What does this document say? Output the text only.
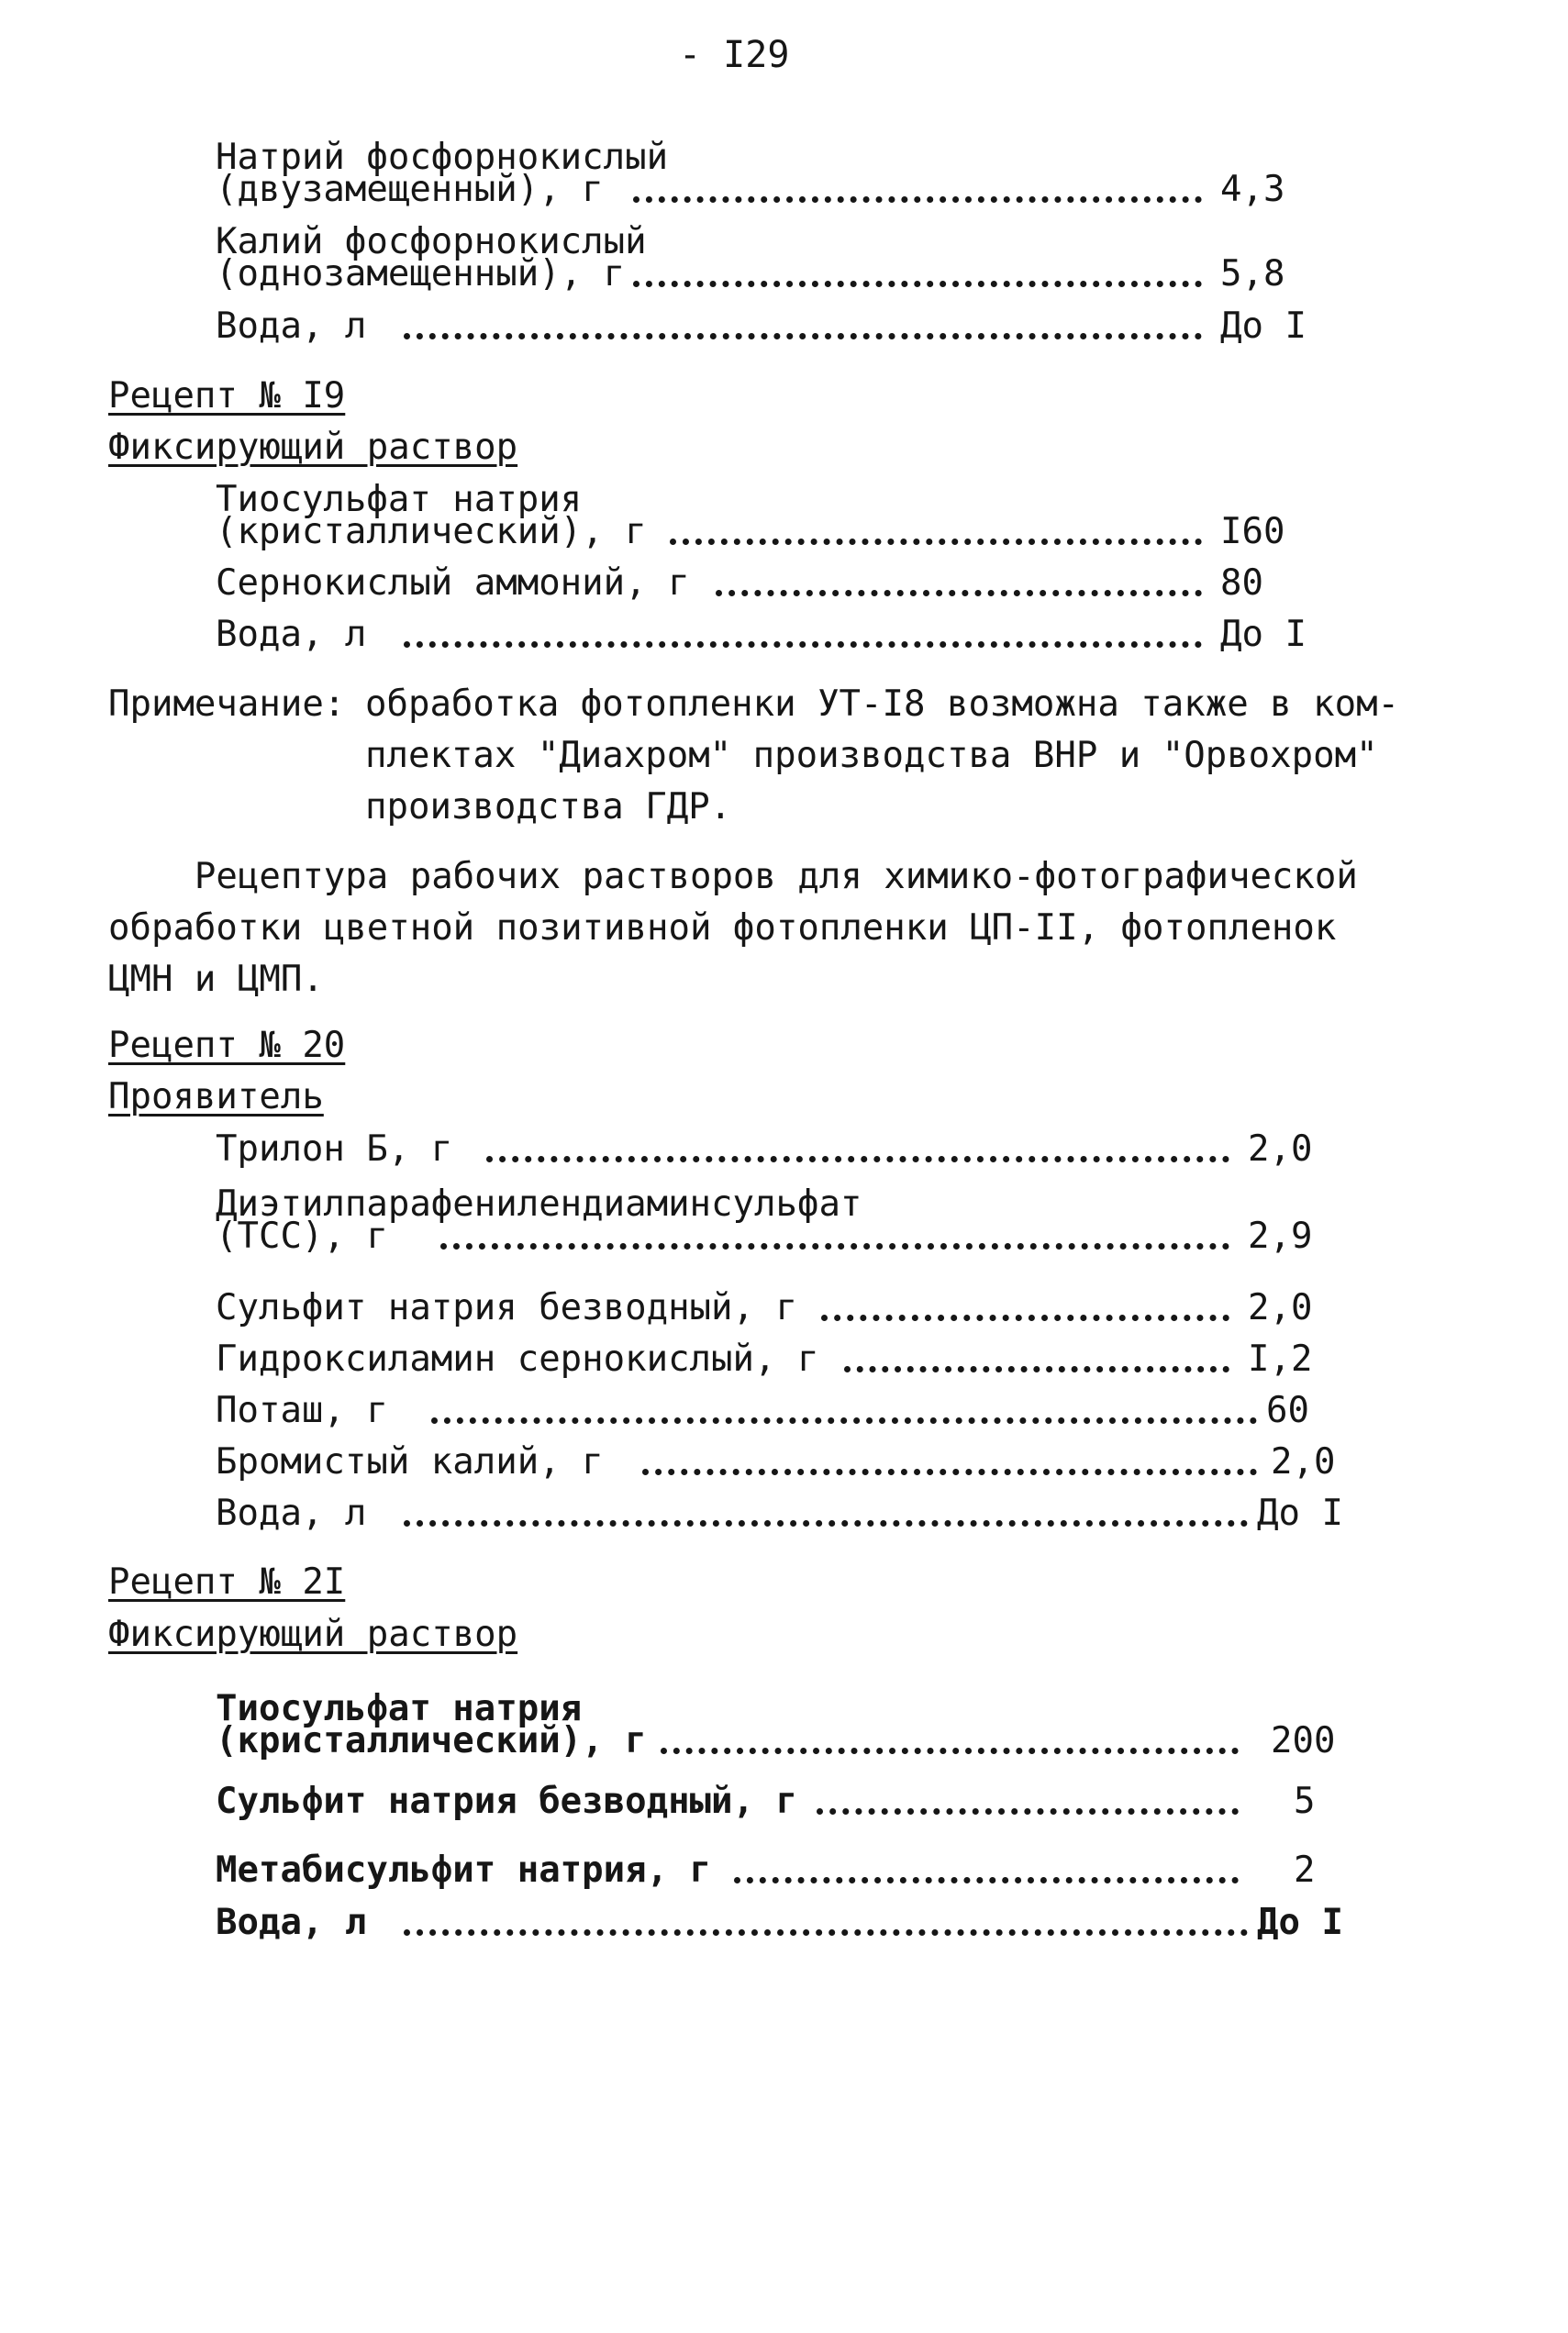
- I29
Натрий фосфорнокислый
(двузамещенный), г	4,3
Калий фосфорнокислый
(однозамещенный), г	5,8
Вода, л	До I
Рецепт № I9
Фиксирующий раствор
Тиосульфат натрия
(кристаллический), г	I60
Сернокислый аммоний, г	80
Вода, л	До I
Примечание: обработка фотопленки УТ-I8 возможна также в ком-
плектах "Диахром" производства ВНР и "Орвохром"
производства ГДР.
Рецептура рабочих растворов для химико-фотографической
обработки цветной позитивной фотопленки ЦП-II, фотопленок
ЦМН и ЦМП.
Рецепт № 20
Проявитель
Трилон Б, г	2,0
Диэтилпарафенилендиаминсульфат
(ТСС), г	2,9
Сульфит натрия безводный, г	2,0
Гидроксиламин сернокислый, г	I,2
Поташ, г	60
Бромистый калий, г	2,0
Вода, л	До I
Рецепт № 2I
Фиксирующий раствор
Тиосульфат натрия
(кристаллический), г	200
Сульфит натрия безводный, г	5
Метабисульфит натрия, г	2
Вода, л	До I
